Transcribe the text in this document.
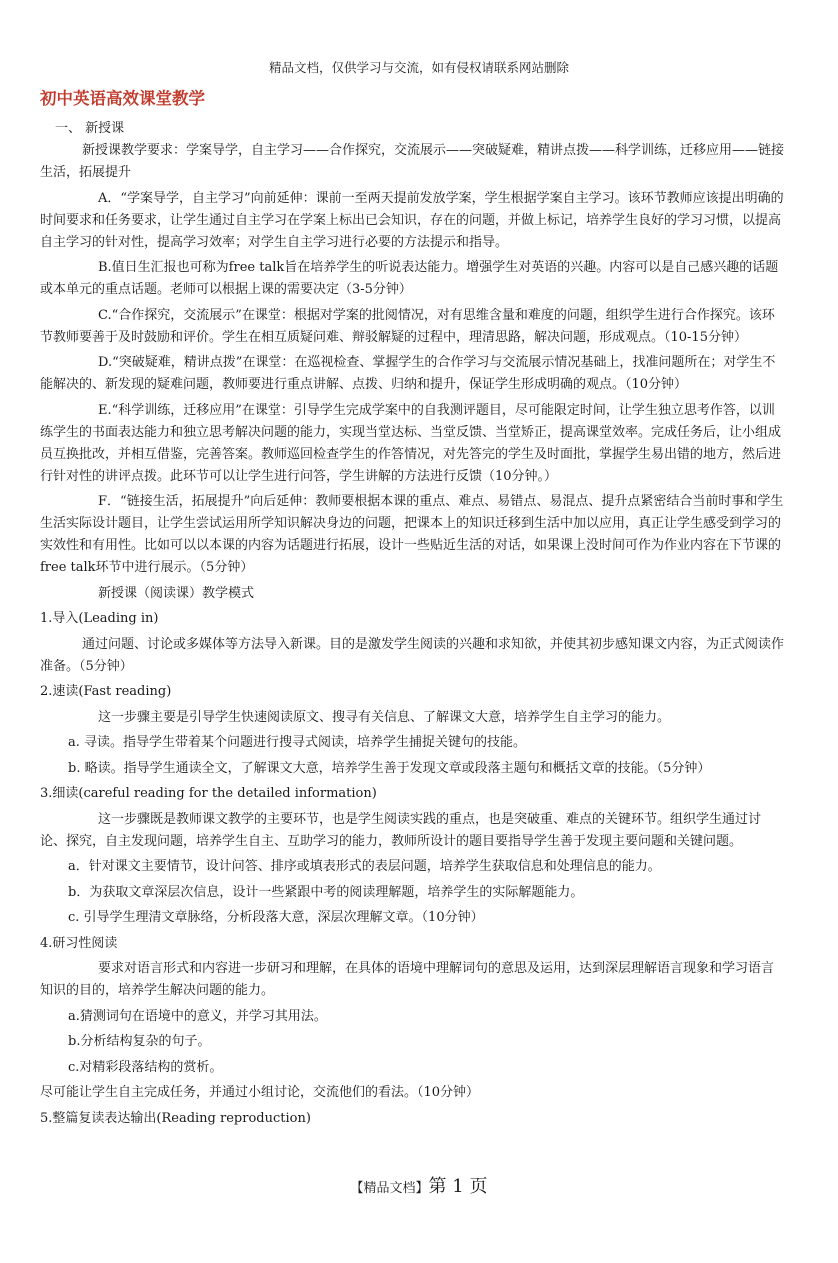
精品文档，仅供学习与交流，如有侵权请联系网站删除
初中英语高效课堂教学

一、 新授课

新授课教学要求：学案导学，自主学习——合作探究，交流展示——突破疑难，精讲点拨——科学训练，迁移应用——链接生活，拓展提升

A．“学案导学，自主学习”向前延伸：课前一至两天提前发放学案，学生根据学案自主学习。该环节教师应该提出明确的时间要求和任务要求，让学生通过自主学习在学案上标出已会知识，存在的问题，并做上标记，培养学生良好的学习习惯，以提高自主学习的针对性，提高学习效率；对学生自主学习进行必要的方法提示和指导。

B.值日生汇报也可称为free talk旨在培养学生的听说表达能力。增强学生对英语的兴趣。内容可以是自己感兴趣的话题或本单元的重点话题。老师可以根据上课的需要决定（3-5分钟）

C.“合作探究，交流展示”在课堂：根据对学案的批阅情况，对有思维含量和难度的问题，组织学生进行合作探究。该环节教师要善于及时鼓励和评价。学生在相互质疑问难、辩驳解疑的过程中，理清思路，解决问题，形成观点。（10-15分钟）

D.“突破疑难，精讲点拨”在课堂：在巡视检查、掌握学生的合作学习与交流展示情况基础上，找准问题所在；对学生不能解决的、新发现的疑难问题，教师要进行重点讲解、点拨、归纳和提升，保证学生形成明确的观点。（10分钟）

E.“科学训练，迁移应用”在课堂：引导学生完成学案中的自我测评题目，尽可能限定时间，让学生独立思考作答，以训练学生的书面表达能力和独立思考解决问题的能力，实现当堂达标、当堂反馈、当堂矫正，提高课堂效率。完成任务后，让小组成员互换批改，并相互借鉴，完善答案。教师巡回检查学生的作答情况，对先答完的学生及时面批，掌握学生易出错的地方，然后进行针对性的讲评点拨。此环节可以让学生进行问答，学生讲解的方法进行反馈（10分钟。）

F．“链接生活，拓展提升”向后延伸：教师要根据本课的重点、难点、易错点、易混点、提升点紧密结合当前时事和学生生活实际设计题目，让学生尝试运用所学知识解决身边的问题，把课本上的知识迁移到生活中加以应用，真正让学生感受到学习的实效性和有用性。比如可以以本课的内容为话题进行拓展，设计一些贴近生活的对话，如果课上没时间可作为作业内容在下节课的free talk环节中进行展示。（5分钟）

新授课（阅读课）教学模式

1.导入(Leading in)

通过问题、讨论或多媒体等方法导入新课。目的是激发学生阅读的兴趣和求知欲，并使其初步感知课文内容，为正式阅读作准备。（5分钟）

2.速读(Fast reading)

这一步骤主要是引导学生快速阅读原文、搜寻有关信息、了解课文大意，培养学生自主学习的能力。

a. 寻读。指导学生带着某个问题进行搜寻式阅读，培养学生捕捉关键句的技能。

b. 略读。指导学生通读全文，了解课文大意，培养学生善于发现文章或段落主题句和概括文章的技能。（5分钟）

3.细读(careful reading for the detailed information)

这一步骤既是教师课文教学的主要环节，也是学生阅读实践的重点，也是突破重、难点的关键环节。组织学生通过讨论、探究，自主发现问题，培养学生自主、互助学习的能力，教师所设计的题目要指导学生善于发现主要问题和关键问题。

a．针对课文主要情节，设计问答、排序或填表形式的表层问题，培养学生获取信息和处理信息的能力。

b．为获取文章深层次信息，设计一些紧跟中考的阅读理解题，培养学生的实际解题能力。

c. 引导学生理清文章脉络，分析段落大意，深层次理解文章。（10分钟）

4.研习性阅读

要求对语言形式和内容进一步研习和理解，在具体的语境中理解词句的意思及运用，达到深层理解语言现象和学习语言知识的目的，培养学生解决问题的能力。

a.猜测词句在语境中的意义，并学习其用法。

b.分析结构复杂的句子。

c.对精彩段落结构的赏析。

尽可能让学生自主完成任务，并通过小组讨论，交流他们的看法。（10分钟）

5.整篇复读表达输出(Reading reproduction)

【精品文档】第 1 页
